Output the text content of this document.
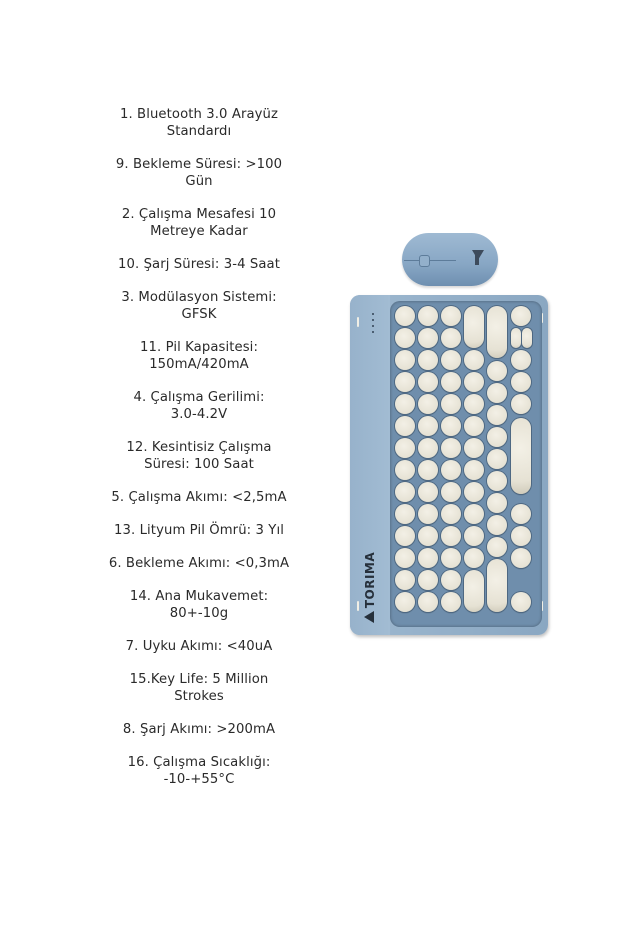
1. Bluetooth 3.0 Arayüz
Standardı
9. Bekleme Süresi: >100
Gün
2. Çalışma Mesafesi 10
Metreye Kadar
10. Şarj Süresi: 3-4 Saat
3. Modülasyon Sistemi:
GFSK
11. Pil Kapasitesi:
150mA/420mA
4. Çalışma Gerilimi:
3.0-4.2V
12. Kesintisiz Çalışma
Süresi: 100 Saat
5. Çalışma Akımı: <2,5mA
13. Lityum Pil Ömrü: 3 Yıl
6. Bekleme Akımı: <0,3mA
14. Ana Mukavemet:
80+-10g
7. Uyku Akımı: <40uA
15.Key Life: 5 Million
Strokes
8. Şarj Akımı: >200mA
16. Çalışma Sıcaklığı:
-10-+55°C
TORIMA
